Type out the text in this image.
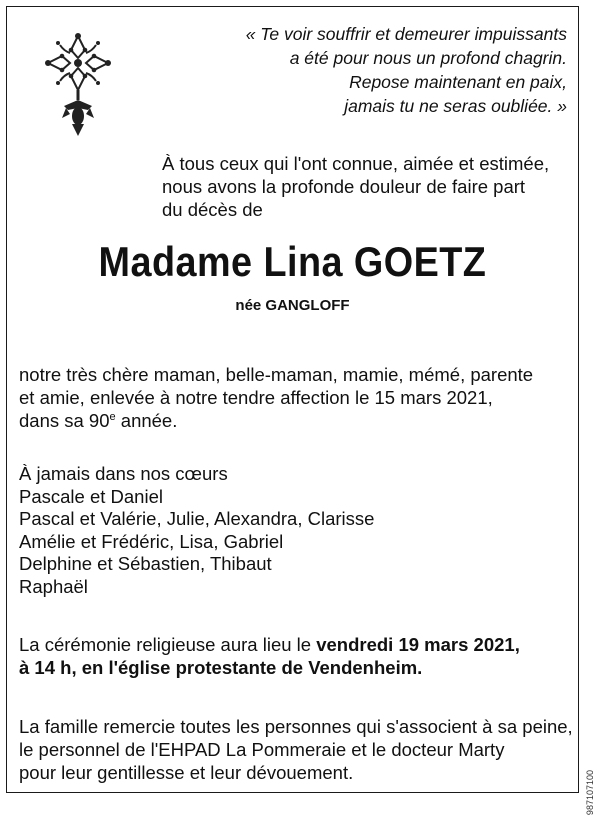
« Te voir souffrir et demeurer impuissants
a été pour nous un profond chagrin.
Repose maintenant en paix,
jamais tu ne seras oubliée. »
À tous ceux qui l'ont connue, aimée et estimée,
nous avons la profonde douleur de faire part
du décès de
Madame Lina GOETZ
née GANGLOFF
notre très chère maman, belle-maman, mamie, mémé, parente
et amie, enlevée à notre tendre affection le 15 mars 2021,
dans sa 90e année.
À jamais dans nos cœurs
Pascale et Daniel
Pascal et Valérie, Julie, Alexandra, Clarisse
Amélie et Frédéric, Lisa, Gabriel
Delphine et Sébastien, Thibaut
Raphaël
La cérémonie religieuse aura lieu le vendredi 19 mars 2021,
à 14 h, en l'église protestante de Vendenheim.
La famille remercie toutes les personnes qui s'associent à sa peine,
le personnel de l'EHPAD La Pommeraie et le docteur Marty
pour leur gentillesse et leur dévouement.	987107100
